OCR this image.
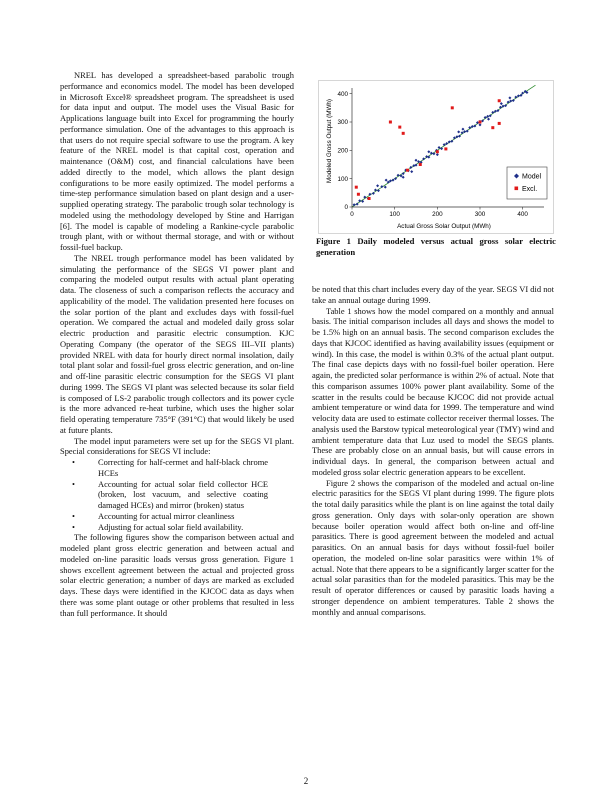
NREL has developed a spreadsheet-based parabolic trough performance and economics model. The model has been developed in Microsoft Excel® spreadsheet program. The spreadsheet is used for data input and output. The model uses the Visual Basic for Applications language built into Excel for programming the hourly performance simulation. One of the advantages to this approach is that users do not require special software to use the program. A key feature of the NREL model is that capital cost, operation and maintenance (O&M) cost, and financial calculations have been added directly to the model, which allows the plant design configurations to be more easily optimized. The model performs a time-step performance simulation based on plant design and a user-supplied operating strategy. The parabolic trough solar technology is modeled using the methodology developed by Stine and Harrigan [6]. The model is capable of modeling a Rankine-cycle parabolic trough plant, with or without thermal storage, and with or without fossil-fuel backup.

The NREL trough performance model has been validated by simulating the performance of the SEGS VI power plant and comparing the modeled output results with actual plant operating data. The closeness of such a comparison reflects the accuracy and applicability of the model. The validation presented here focuses on the solar portion of the plant and excludes days with fossil-fuel operation. We compared the actual and modeled daily gross solar electric production and parasitic electric consumption. KJC Operating Company (the operator of the SEGS III–VII plants) provided NREL with data for hourly direct normal insolation, daily total plant solar and fossil-fuel gross electric generation, and on-line and off-line parasitic electric consumption for the SEGS VI plant during 1999. The SEGS VI plant was selected because its solar field is composed of LS-2 parabolic trough collectors and its power cycle is the more advanced re-heat turbine, which uses the higher solar field operating temperature 735°F (391°C) that would likely be used at future plants.

The model input parameters were set up for the SEGS VI plant. Special considerations for SEGS VI include:

• Correcting for half-cermet and half-black chrome HCEs
• Accounting for actual solar field collector HCE (broken, lost vacuum, and selective coating damaged HCEs) and mirror (broken) status
• Accounting for actual mirror cleanliness
• Adjusting for actual solar field availability.

The following figures show the comparison between actual and modeled plant gross electric generation and between actual and modeled on-line parasitic loads versus gross generation. Figure 1 shows excellent agreement between the actual and projected gross solar electric generation; a number of days are marked as excluded days. These days were identified in the KJCOC data as days when there was some plant outage or other problems that resulted in less than full performance. It should

0
100
200
300
400
0	100	200	300	400
Modeled Gross Output (MWh)
Actual Gross Solar Output (MWh)
Model
Excl.
Figure 1 Daily modeled versus actual gross solar electric generation

be noted that this chart includes every day of the year. SEGS VI did not take an annual outage during 1999.

Table 1 shows how the model compared on a monthly and annual basis. The initial comparison includes all days and shows the model to be 1.5% high on an annual basis. The second comparison excludes the days that KJCOC identified as having availability issues (equipment or wind). In this case, the model is within 0.3% of the actual plant output. The final case depicts days with no fossil-fuel boiler operation. Here again, the predicted solar performance is within 2% of actual. Note that this comparison assumes 100% power plant availability. Some of the scatter in the results could be because KJCOC did not provide actual ambient temperature or wind data for 1999. The temperature and wind velocity data are used to estimate collector receiver thermal losses. The analysis used the Barstow typical meteorological year (TMY) wind and ambient temperature data that Luz used to model the SEGS plants. These are probably close on an annual basis, but will cause errors in individual days. In general, the comparison between actual and modeled gross solar electric generation appears to be excellent.

Figure 2 shows the comparison of the modeled and actual on-line electric parasitics for the SEGS VI plant during 1999. The figure plots the total daily parasitics while the plant is on line against the total daily gross generation. Only days with solar-only operation are shown because boiler operation would affect both on-line and off-line parasitics. There is good agreement between the modeled and actual parasitics. On an annual basis for days without fossil-fuel boiler operation, the modeled on-line solar parasitics were within 1% of actual. Note that there appears to be a significantly larger scatter for the actual solar parasitics than for the modeled parasitics. This may be the result of operator differences or caused by parasitic loads having a stronger dependence on ambient temperatures. Table 2 shows the monthly and annual comparisons.

2
